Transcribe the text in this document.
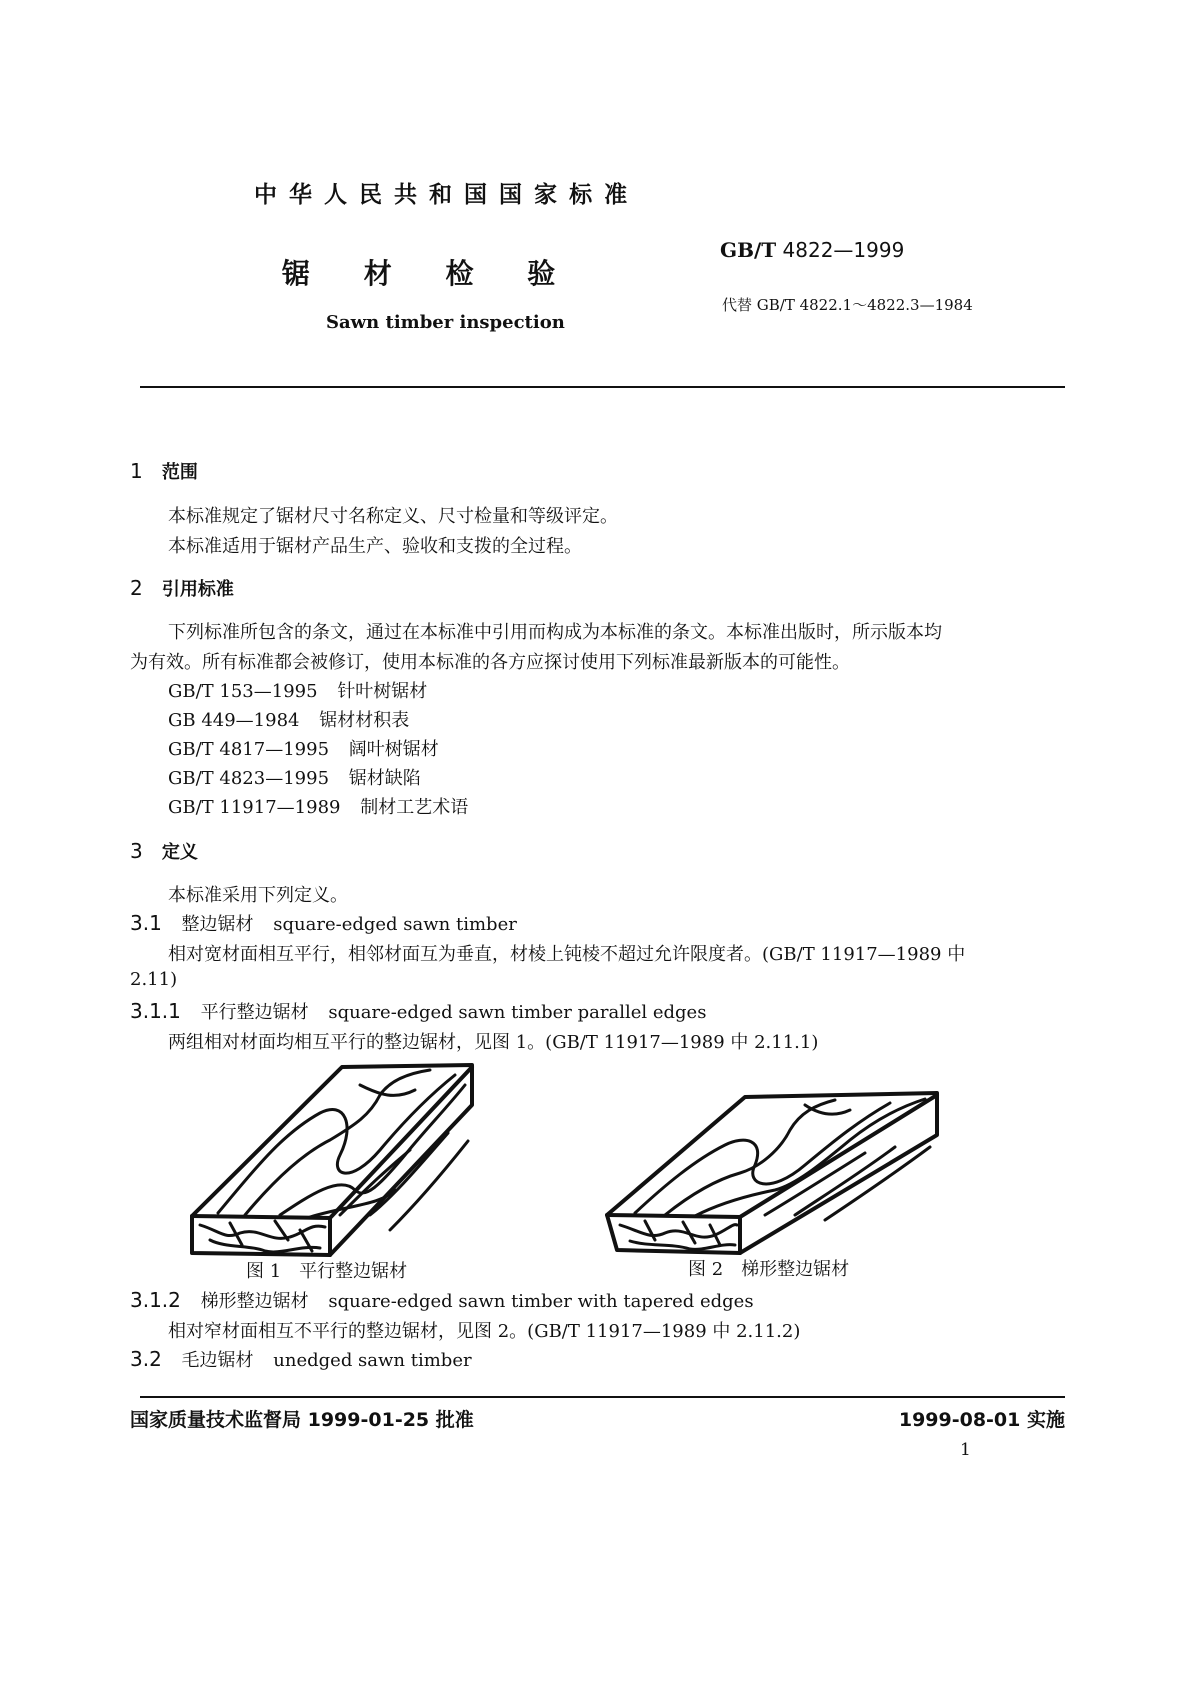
中 华 人 民 共 和 国 国 家 标 准
锯 材 检 验
Sawn timber inspection
GB/T 4822—1999
代替 GB/T 4822.1～4822.3—1984
1 范围
本标准规定了锯材尺寸名称定义、尺寸检量和等级评定。
本标准适用于锯材产品生产、验收和支拨的全过程。
2 引用标准
下列标准所包含的条文，通过在本标准中引用而构成为本标准的条文。本标准出版时，所示版本均
为有效。所有标准都会被修订，使用本标准的各方应探讨使用下列标准最新版本的可能性。
GB/T 153—1995 针叶树锯材
GB 449—1984 锯材材积表
GB/T 4817—1995 阔叶树锯材
GB/T 4823—1995 锯材缺陷
GB/T 11917—1989 制材工艺术语
3 定义
本标准采用下列定义。
3.1 整边锯材 square-edged sawn timber
相对宽材面相互平行，相邻材面互为垂直，材棱上钝棱不超过允许限度者。(GB/T 11917—1989 中
2.11)
3.1.1 平行整边锯材 square-edged sawn timber parallel edges
两组相对材面均相互平行的整边锯材，见图 1。(GB/T 11917—1989 中 2.11.1)
图 1　平行整边锯材	图 2　梯形整边锯材
3.1.2 梯形整边锯材 square-edged sawn timber with tapered edges
相对窄材面相互不平行的整边锯材，见图 2。(GB/T 11917—1989 中 2.11.2)
3.2 毛边锯材 unedged sawn timber
国家质量技术监督局 1999-01-25 批准	1999-08-01 实施
1
